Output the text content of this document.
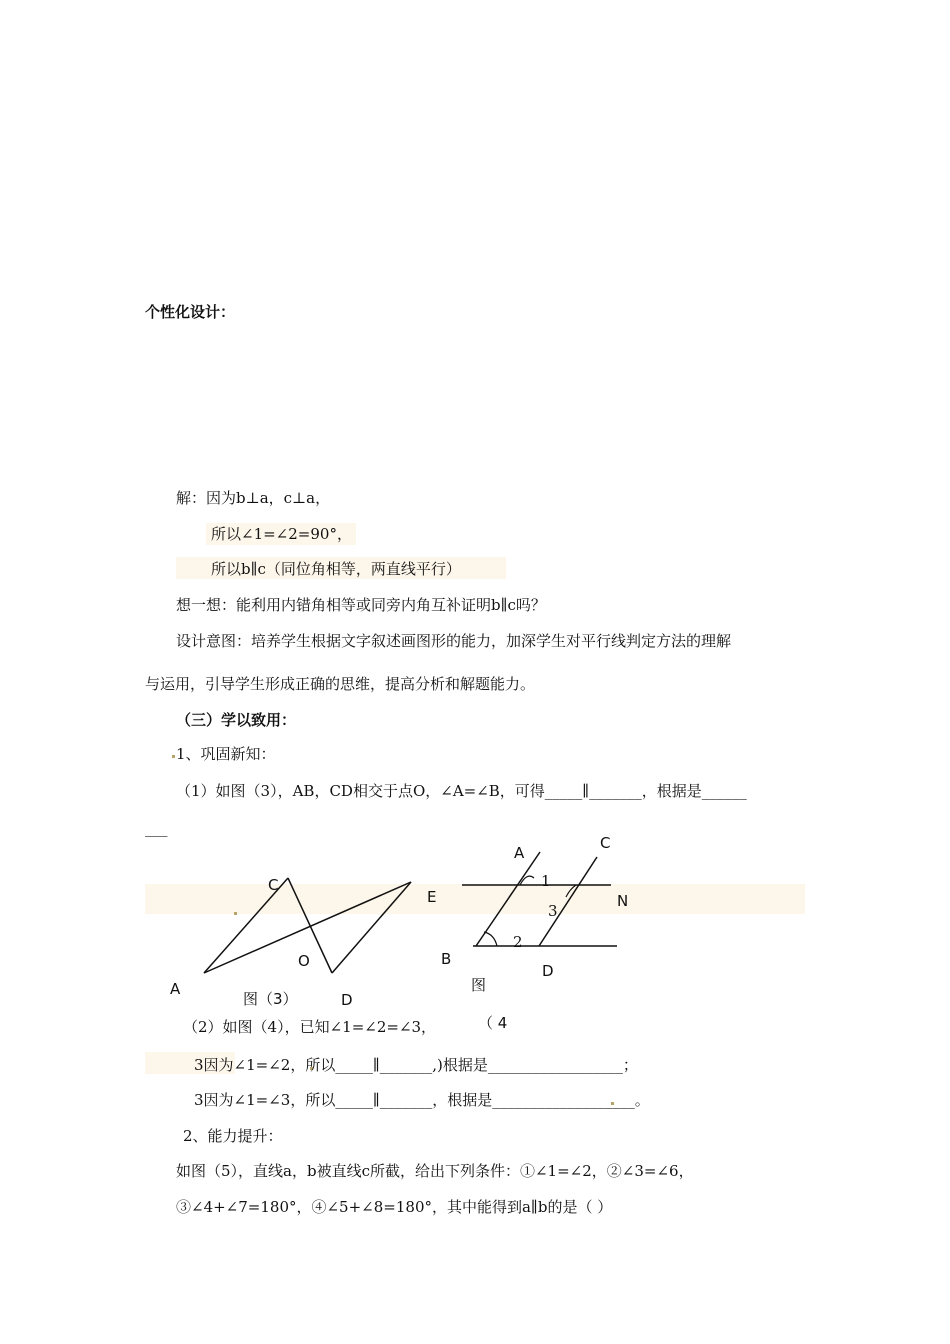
个性化设计：
解：因为b⊥a，c⊥a，
所以∠1=∠2=90°，
所以b∥c（同位角相等，两直线平行）
想一想：能利用内错角相等或同旁内角互补证明b∥c吗？
设计意图：培养学生根据文字叙述画图形的能力，加深学生对平行线判定方法的理解
与运用，引导学生形成正确的思维，提高分析和解题能力。
（三）学以致用：
1、巩固新知：
（1）如图（3），AB，CD相交于点O，∠A=∠B，可得_____∥_______，根据是______
___
A
C
O
D
E
图（3）
A
C
1
N
3
2
B
D
图
（ 4
（2）如图（4），已知∠1=∠2=∠3，
3因为∠1=∠2，所以_____∥_______,)根据是__________________；
3因为∠1=∠3，所以_____∥_______，根据是___________________。
2、能力提升：
如图（5），直线a，b被直线c所截，给出下列条件：①∠1=∠2，②∠3=∠6，
③∠4+∠7=180°，④∠5+∠8=180°，其中能得到a∥b的是（ ）
